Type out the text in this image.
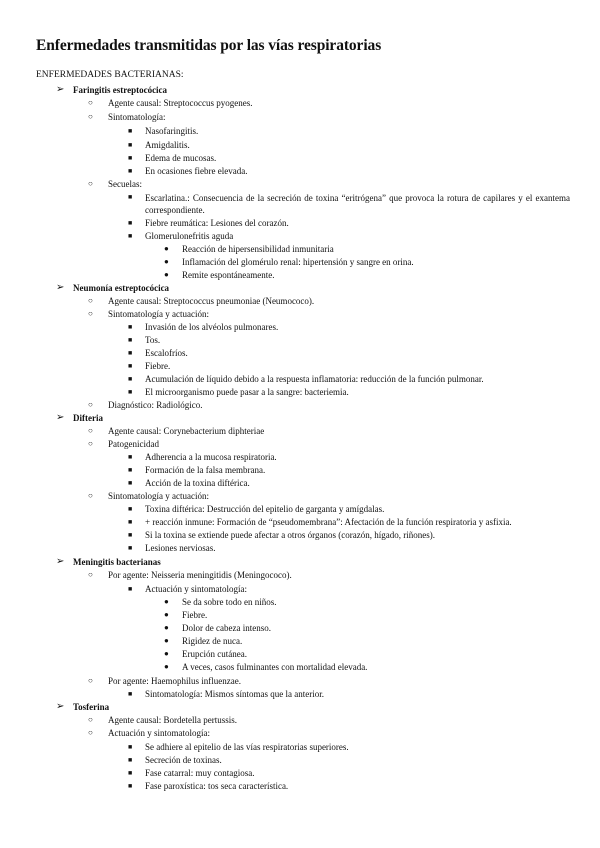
Enfermedades transmitidas por las vías respiratorias
ENFERMEDADES BACTERIANAS:
➢ Faringitis estreptocócica
○ Agente causal: Streptococcus pyogenes.
○ Sintomatología:
■ Nasofaringitis.
■ Amigdalitis.
■ Edema de mucosas.
■ En ocasiones fiebre elevada.
○ Secuelas:
■ Escarlatina.: Consecuencia de la secreción de toxina “eritrógena” que provoca la rotura de capilares y el exantema correspondiente.
■ Fiebre reumática: Lesiones del corazón.
■ Glomerulonefritis aguda
● Reacción de hipersensibilidad inmunitaria
● Inflamación del glomérulo renal: hipertensión y sangre en orina.
● Remite espontáneamente.
➢ Neumonía estreptocócica
○ Agente causal: Streptococcus pneumoniae (Neumococo).
○ Sintomatología y actuación:
■ Invasión de los alvéolos pulmonares.
■ Tos.
■ Escalofríos.
■ Fiebre.
■ Acumulación de líquido debido a la respuesta inflamatoria: reducción de la función pulmonar.
■ El microorganismo puede pasar a la sangre: bacteriemia.
○ Diagnóstico: Radiológico.
➢ Difteria
○ Agente causal: Corynebacterium diphteriae
○ Patogenicidad
■ Adherencia a la mucosa respiratoria.
■ Formación de la falsa membrana.
■ Acción de la toxina diftérica.
○ Sintomatología y actuación:
■ Toxina diftérica: Destrucción del epitelio de garganta y amígdalas.
■ + reacción inmune: Formación de “pseudomembrana”: Afectación de la función respiratoria y asfixia.
■ Si la toxina se extiende puede afectar a otros órganos (corazón, hígado, riñones).
■ Lesiones nerviosas.
➢ Meningitis bacterianas
○ Por agente: Neisseria meningitidis (Meningococo).
■ Actuación y sintomatología:
● Se da sobre todo en niños.
● Fiebre.
● Dolor de cabeza intenso.
● Rigidez de nuca.
● Erupción cutánea.
● A veces, casos fulminantes con mortalidad elevada.
○ Por agente: Haemophilus influenzae.
■ Sintomatología: Mismos síntomas que la anterior.
➢ Tosferina
○ Agente causal: Bordetella pertussis.
○ Actuación y sintomatología:
■ Se adhiere al epitelio de las vías respiratorias superiores.
■ Secreción de toxinas.
■ Fase catarral: muy contagiosa.
■ Fase paroxística: tos seca característica.
